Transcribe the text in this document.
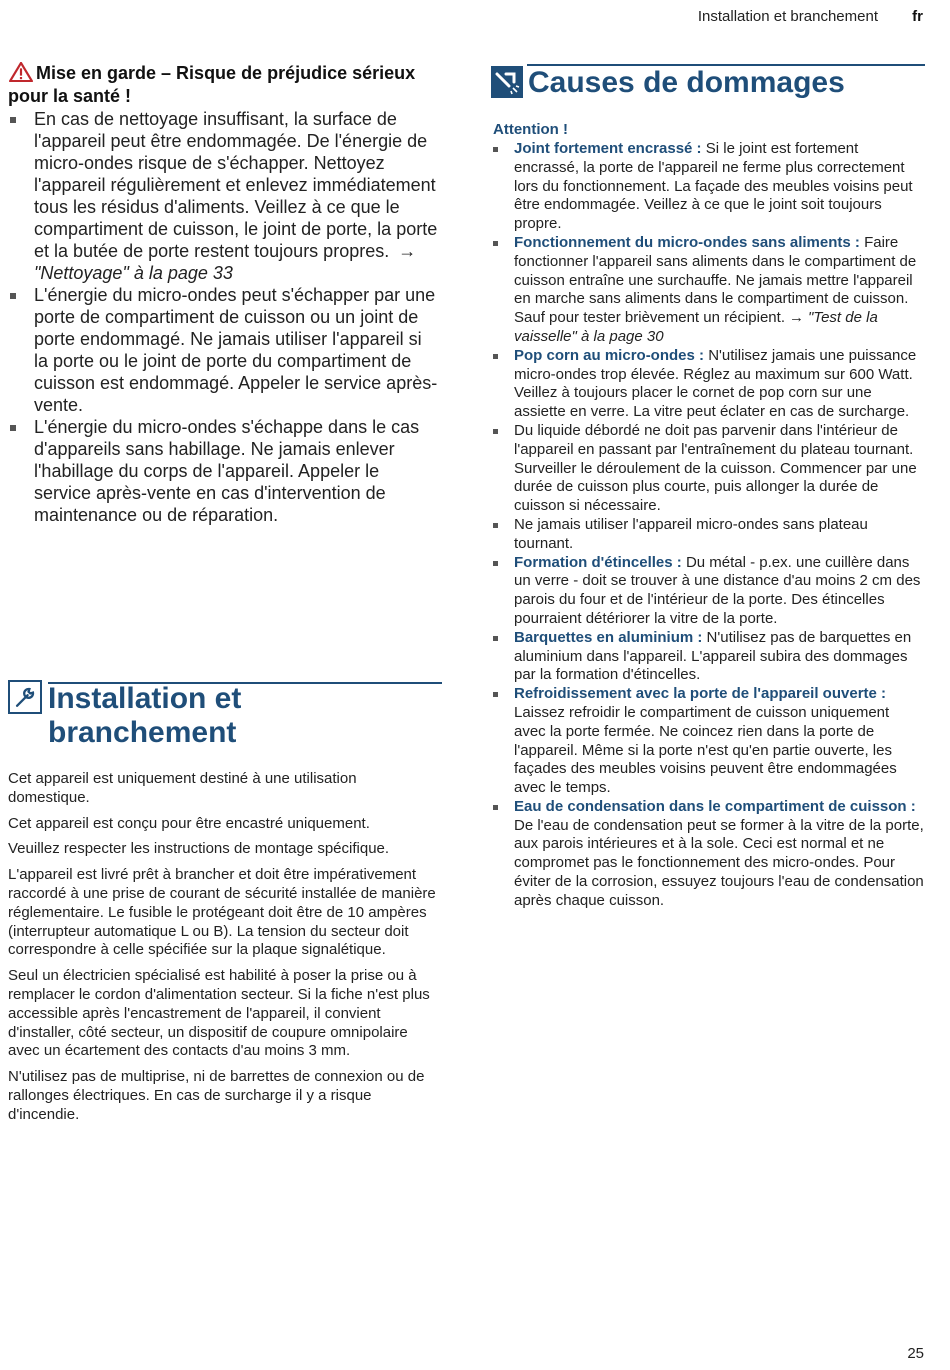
Installation et branchement fr
Mise en garde – Risque de préjudice sérieux pour la santé !
En cas de nettoyage insuffisant, la surface de l'appareil peut être endommagée. De l'énergie de micro-ondes risque de s'échapper. Nettoyez l'appareil régulièrement et enlevez immédiatement tous les résidus d'aliments. Veillez à ce que le compartiment de cuisson, le joint de porte, la porte et la butée de porte restent toujours propres. →"Nettoyage" à la page 33
L'énergie du micro-ondes peut s'échapper par une porte de compartiment de cuisson ou un joint de porte endommagé. Ne jamais utiliser l'appareil si la porte ou le joint de porte du compartiment de cuisson est endommagé. Appeler le service après-vente.
L'énergie du micro-ondes s'échappe dans le cas d'appareils sans habillage. Ne jamais enlever l'habillage du corps de l'appareil. Appeler le service après-vente en cas d'intervention de maintenance ou de réparation.
Installation et branchement

Cet appareil est uniquement destiné à une utilisation domestique.

Cet appareil est conçu pour être encastré uniquement.

Veuillez respecter les instructions de montage spécifique.

L'appareil est livré prêt à brancher et doit être impérativement raccordé à une prise de courant de sécurité installée de manière réglementaire. Le fusible le protégeant doit être de 10 ampères (interrupteur automatique L ou B). La tension du secteur doit correspondre à celle spécifiée sur la plaque signalétique.

Seul un électricien spécialisé est habilité à poser la prise ou à remplacer le cordon d'alimentation secteur. Si la fiche n'est plus accessible après l'encastrement de l'appareil, il convient d'installer, côté secteur, un dispositif de coupure omnipolaire avec un écartement des contacts d'au moins 3 mm.

N'utilisez pas de multiprise, ni de barrettes de connexion ou de rallonges électriques. En cas de surcharge il y a risque d'incendie.

Causes de dommages
Attention !
Joint fortement encrassé : Si le joint est fortement encrassé, la porte de l'appareil ne ferme plus correctement lors du fonctionnement. La façade des meubles voisins peut être endommagée. Veillez à ce que le joint soit toujours propre.
Fonctionnement du micro-ondes sans aliments : Faire fonctionner l'appareil sans aliments dans le compartiment de cuisson entraîne une surchauffe. Ne jamais mettre l'appareil en marche sans aliments dans le compartiment de cuisson. Sauf pour tester brièvement un récipient. → "Test de la vaisselle" à la page 30
Pop corn au micro-ondes : N'utilisez jamais une puissance micro-ondes trop élevée. Réglez au maximum sur 600 Watt. Veillez à toujours placer le cornet de pop corn sur une assiette en verre. La vitre peut éclater en cas de surcharge.
Du liquide débordé ne doit pas parvenir dans l'intérieur de l'appareil en passant par l'entraînement du plateau tournant. Surveiller le déroulement de la cuisson. Commencer par une durée de cuisson plus courte, puis allonger la durée de cuisson si nécessaire.
Ne jamais utiliser l'appareil micro-ondes sans plateau tournant.
Formation d'étincelles : Du métal - p.ex. une cuillère dans un verre - doit se trouver à une distance d'au moins 2 cm des parois du four et de l'intérieur de la porte. Des étincelles pourraient détériorer la vitre de la porte.
Barquettes en aluminium : N'utilisez pas de barquettes en aluminium dans l'appareil. L'appareil subira des dommages par la formation d'étincelles.
Refroidissement avec la porte de l'appareil ouverte : Laissez refroidir le compartiment de cuisson uniquement avec la porte fermée. Ne coincez rien dans la porte de l'appareil. Même si la porte n'est qu'en partie ouverte, les façades des meubles voisins peuvent être endommagées avec le temps.
Eau de condensation dans le compartiment de cuisson : De l'eau de condensation peut se former à la vitre de la porte, aux parois intérieures et à la sole. Ceci est normal et ne compromet pas le fonctionnement des micro-ondes. Pour éviter de la corrosion, essuyez toujours l'eau de condensation après chaque cuisson.
25
